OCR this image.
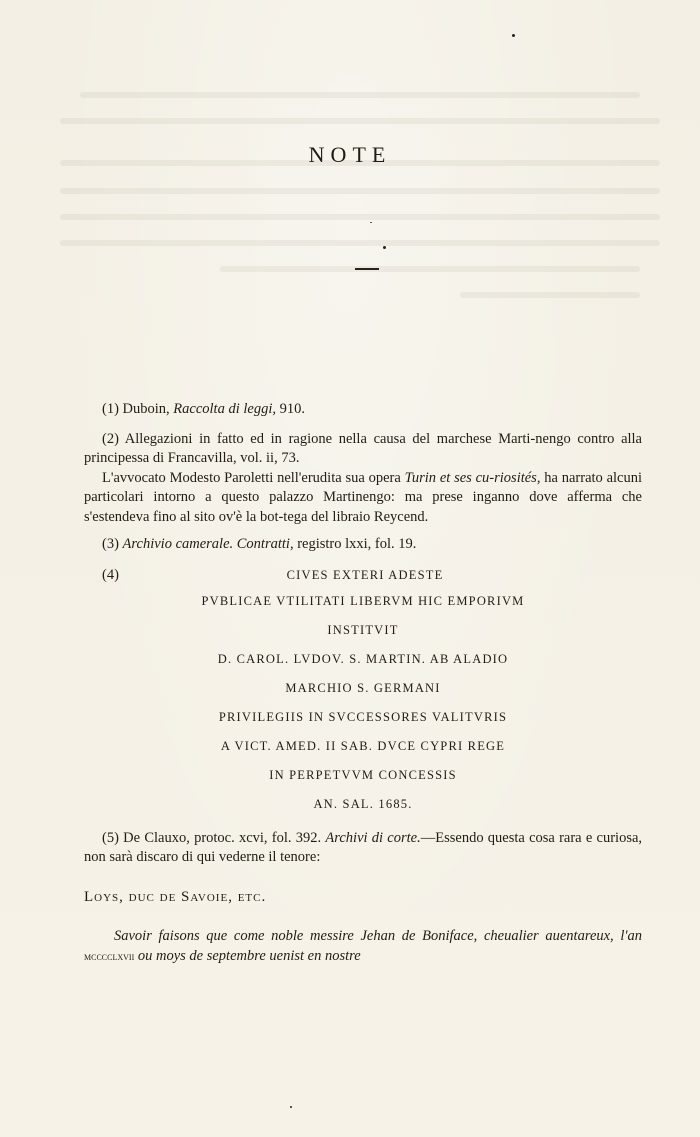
NOTE

(1) Duboin, Raccolta di leggi, 910.

(2) Allegazioni in fatto ed in ragione nella causa del marchese Marti-nengo contro alla principessa di Francavilla, vol. ii, 73.

L'avvocato Modesto Paroletti nell'erudita sua opera Turin et ses cu-riosités, ha narrato alcuni particolari intorno a questo palazzo Martinengo: ma prese inganno dove afferma che s'estendeva fino al sito ov'è la bot-tega del libraio Reycend.

(3) Archivio camerale. Contratti, registro lxxi, fol. 19.

(4)	CIVES EXTERI ADESTE
PVBLICAE VTILITATI LIBERVM HIC EMPORIVM
INSTITVIT
D. CAROL. LVDOV. S. MARTIN. AB ALADIO
MARCHIO S. GERMANI
PRIVILEGIIS IN SVCCESSORES VALITVRIS
A VICT. AMED. II SAB. DVCE CYPRI REGE
IN PERPETVVM CONCESSIS
AN. SAL. 1685.

(5) De Clauxo, protoc. xcvi, fol. 392. Archivi di corte.—Essendo questa cosa rara e curiosa, non sarà discaro di qui vederne il tenore:

Loys, duc de Savoie, etc.

Savoir faisons que come noble messire Jehan de Boniface, cheualier auentareux, l'an mcccclxvii ou moys de septembre uenist en nostre
